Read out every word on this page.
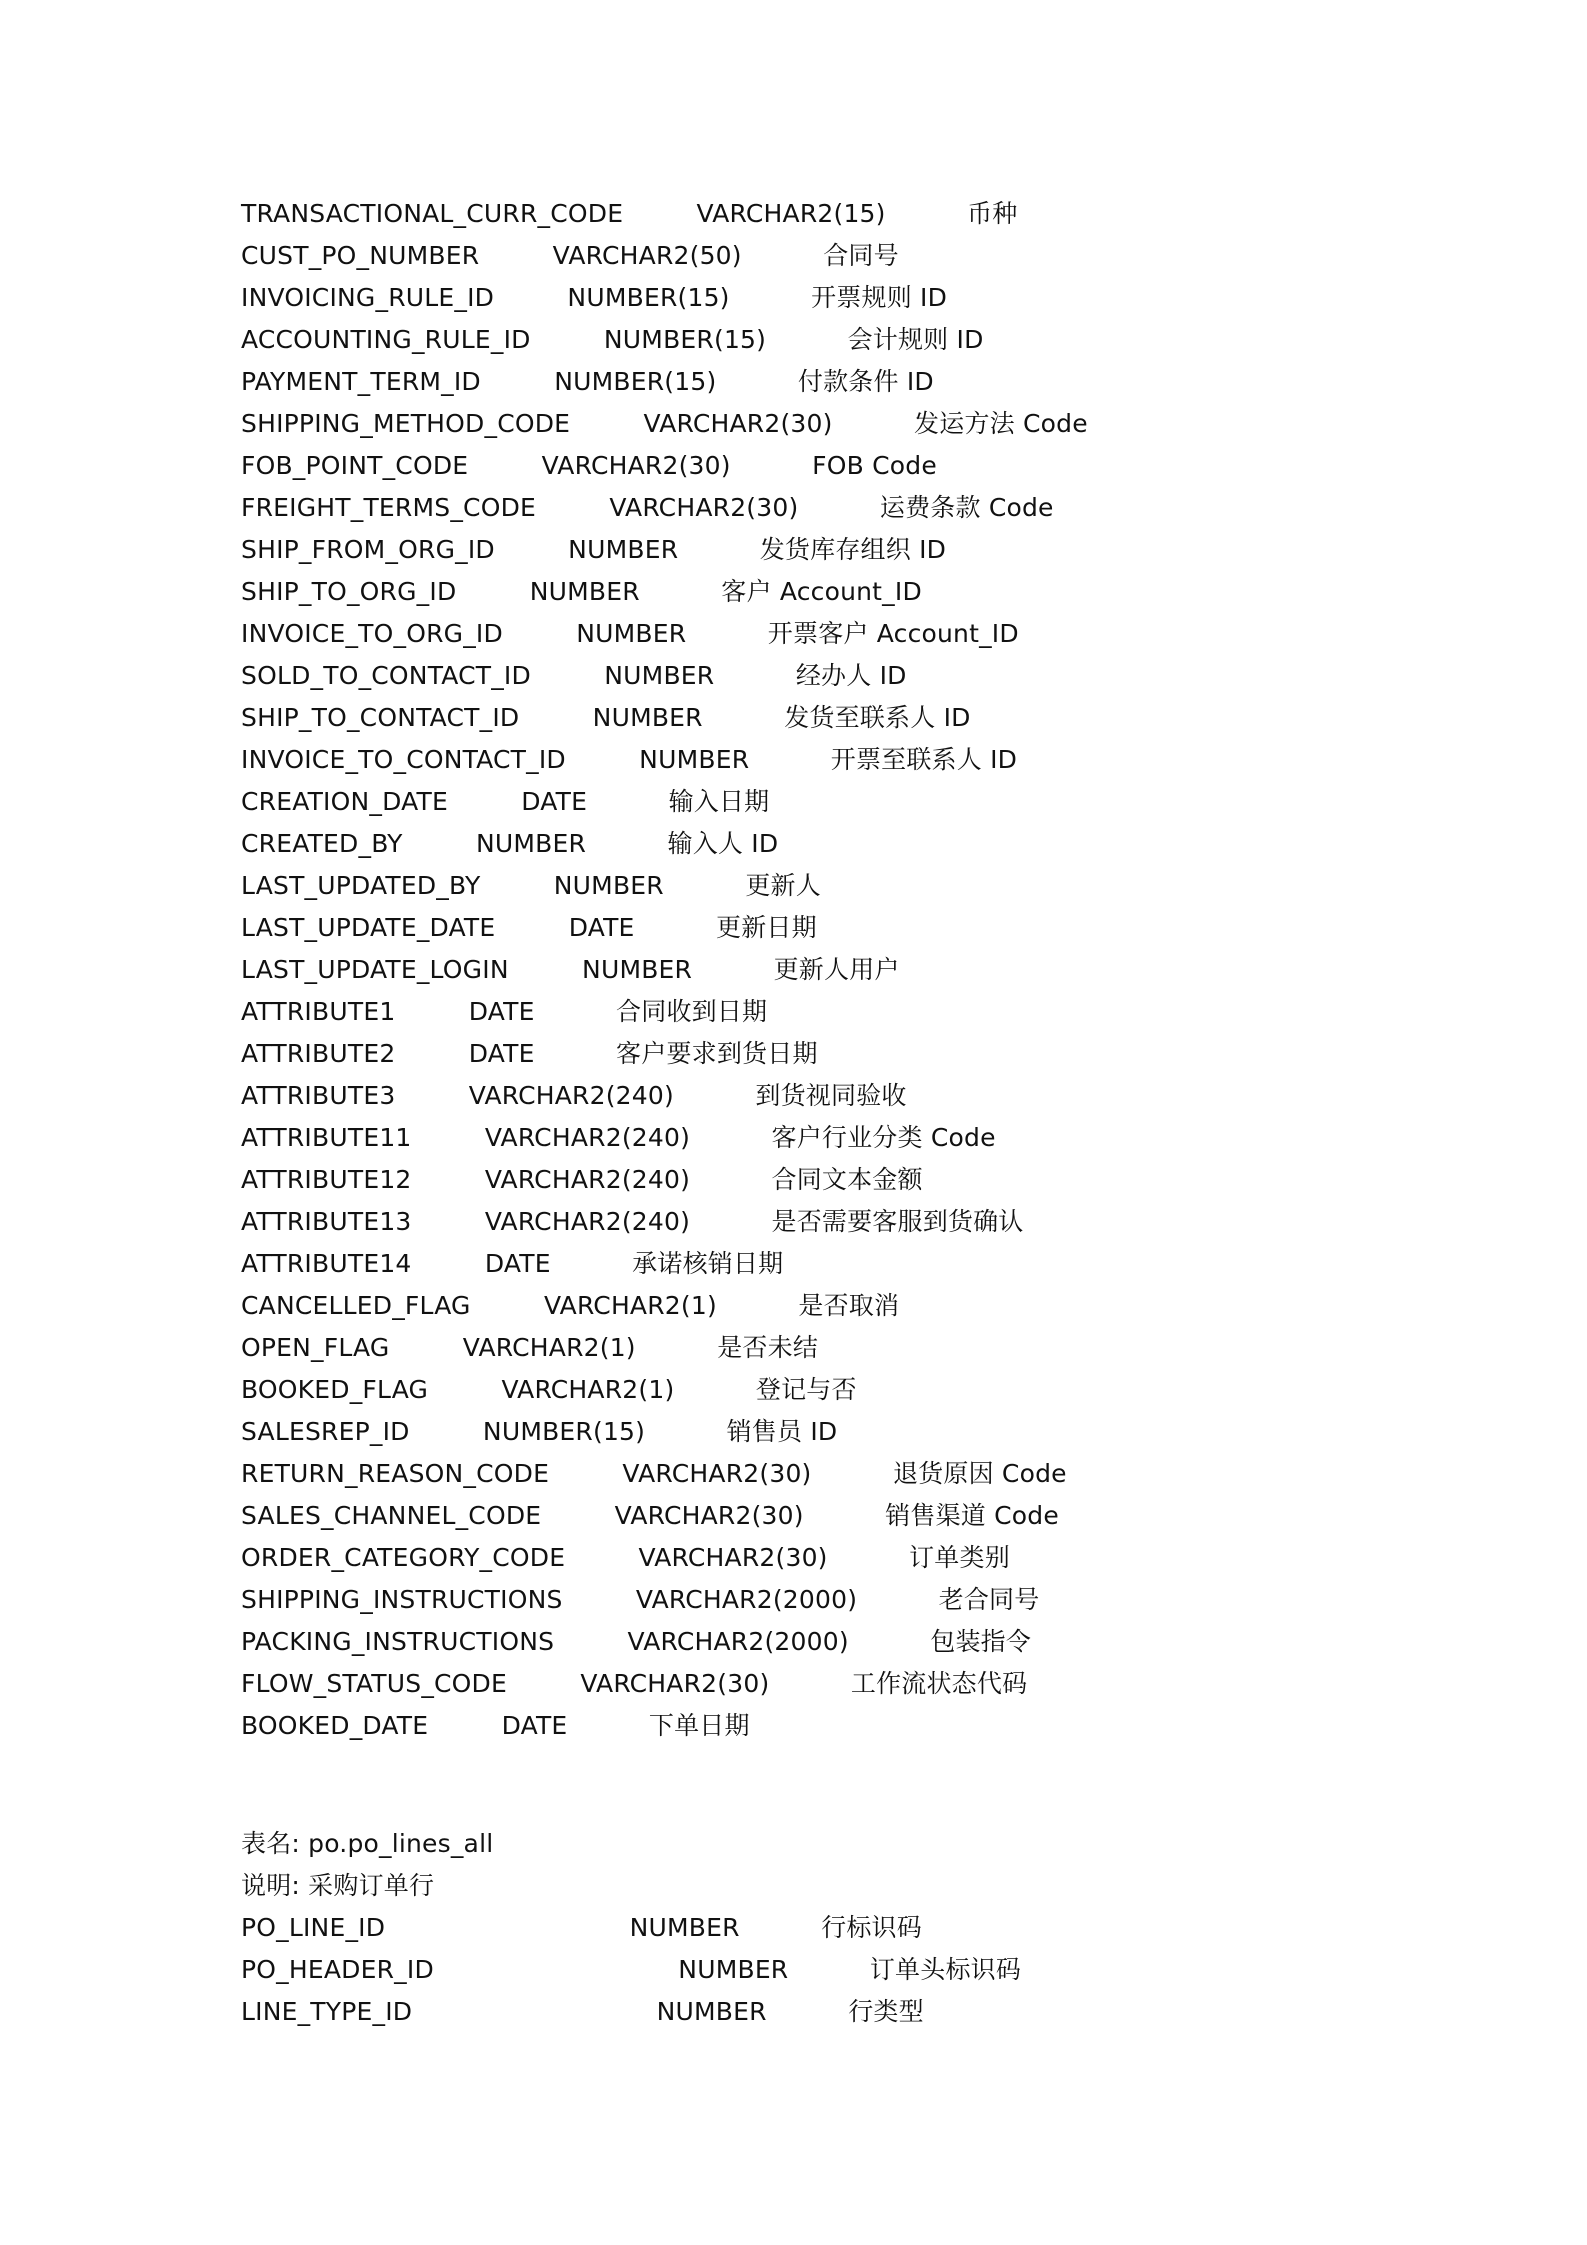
TRANSACTIONAL_CURR_CODE         VARCHAR2(15)          币种
CUST_PO_NUMBER         VARCHAR2(50)          合同号
INVOICING_RULE_ID         NUMBER(15)          开票规则 ID
ACCOUNTING_RULE_ID         NUMBER(15)          会计规则 ID
PAYMENT_TERM_ID         NUMBER(15)          付款条件 ID
SHIPPING_METHOD_CODE         VARCHAR2(30)          发运方法 Code
FOB_POINT_CODE         VARCHAR2(30)          FOB Code
FREIGHT_TERMS_CODE         VARCHAR2(30)          运费条款 Code
SHIP_FROM_ORG_ID         NUMBER          发货库存组织 ID
SHIP_TO_ORG_ID         NUMBER          客户 Account_ID
INVOICE_TO_ORG_ID         NUMBER          开票客户 Account_ID
SOLD_TO_CONTACT_ID         NUMBER          经办人 ID
SHIP_TO_CONTACT_ID         NUMBER          发货至联系人 ID
INVOICE_TO_CONTACT_ID         NUMBER          开票至联系人 ID
CREATION_DATE         DATE          输入日期
CREATED_BY         NUMBER          输入人 ID
LAST_UPDATED_BY         NUMBER          更新人
LAST_UPDATE_DATE         DATE          更新日期
LAST_UPDATE_LOGIN         NUMBER          更新人用户
ATTRIBUTE1         DATE          合同收到日期
ATTRIBUTE2         DATE          客户要求到货日期
ATTRIBUTE3         VARCHAR2(240)          到货视同验收
ATTRIBUTE11         VARCHAR2(240)          客户行业分类 Code
ATTRIBUTE12         VARCHAR2(240)          合同文本金额
ATTRIBUTE13         VARCHAR2(240)          是否需要客服到货确认
ATTRIBUTE14         DATE          承诺核销日期
CANCELLED_FLAG         VARCHAR2(1)          是否取消
OPEN_FLAG         VARCHAR2(1)          是否未结
BOOKED_FLAG         VARCHAR2(1)          登记与否
SALESREP_ID         NUMBER(15)          销售员 ID
RETURN_REASON_CODE         VARCHAR2(30)          退货原因 Code
SALES_CHANNEL_CODE         VARCHAR2(30)          销售渠道 Code
ORDER_CATEGORY_CODE         VARCHAR2(30)          订单类别
SHIPPING_INSTRUCTIONS         VARCHAR2(2000)          老合同号
PACKING_INSTRUCTIONS         VARCHAR2(2000)          包装指令
FLOW_STATUS_CODE         VARCHAR2(30)          工作流状态代码
BOOKED_DATE         DATE          下单日期
表名: po.po_lines_all
说明: 采购订单行
PO_LINE_ID                              NUMBER          行标识码
PO_HEADER_ID                              NUMBER          订单头标识码
LINE_TYPE_ID                              NUMBER          行类型
